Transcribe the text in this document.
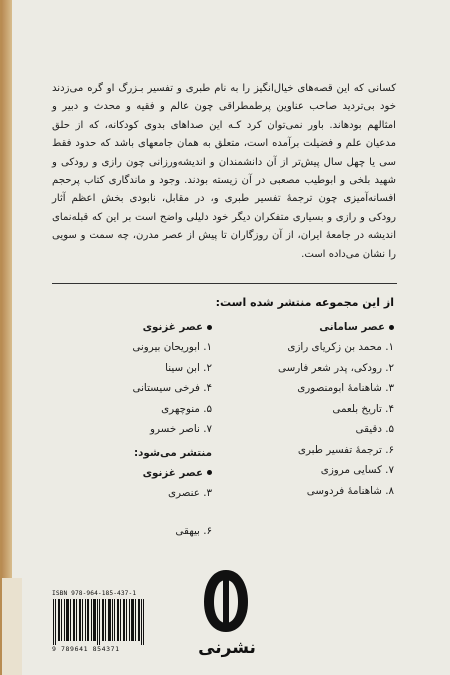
کسانی که این قصه‌های خیال‌انگیز را به نام طبری و تفسیر بـزرگ او گره می‌زدند خود بی‌تردید صاحب عناوین پرطمطراقی چون عالم و فقیه و محدث و دبیر و امثالهم بودهاند. باور نمی‌توان کرد کـه این صداهای بدوی کودکانه، که از حلق مدعیان علم و فضیلت برآمده است، متعلق به همان جامعهای باشد که حدود فقط سی یا چهل سال پیش‌تر از آن دانشمندان و اندیشه‌ورزانی چون رازی و رودکی و شهید بلخی و ابوطیب مصعبی در آن زیسته بودند. وجود و ماندگاری کتاب پرحجم افسانه‌آمیزی چون ترجمهٔ تفسیر طبری و، در مقابل، نابودی بخش اعظم آثار رودکی و رازی و بسیاری متفکران دیگر خود دلیلی واضح است بر این که قبله‌نمای اندیشه در جامعهٔ ایران، از آن روزگاران تا پیش از عصر مدرن، چه سمت و سویی را نشان می‌داده است.

از این مجموعه منتشر شده است:
عصر سامانی
۱. محمد بن زکریای رازی
۲. رودکی، پدر شعر فارسی
۳. شاهنامهٔ ابومنصوری
۴. تاریخ بلعمی
۵. دقیقی
۶. ترجمهٔ تفسیر طبری
۷. کسایی مروزی
۸. شاهنامهٔ فردوسی
عصر غزنوی
۱. ابوریحان بیرونی
۲. ابن سینا
۴. فرخی سیستانی
۵. منوچهری
۷. ناصر خسرو
منتشر می‌شود:
عصر غزنوی
۳. عنصری
۶. بیهقی
ISBN 978-964-185-437-1
9 789641 854371	نشرنی
